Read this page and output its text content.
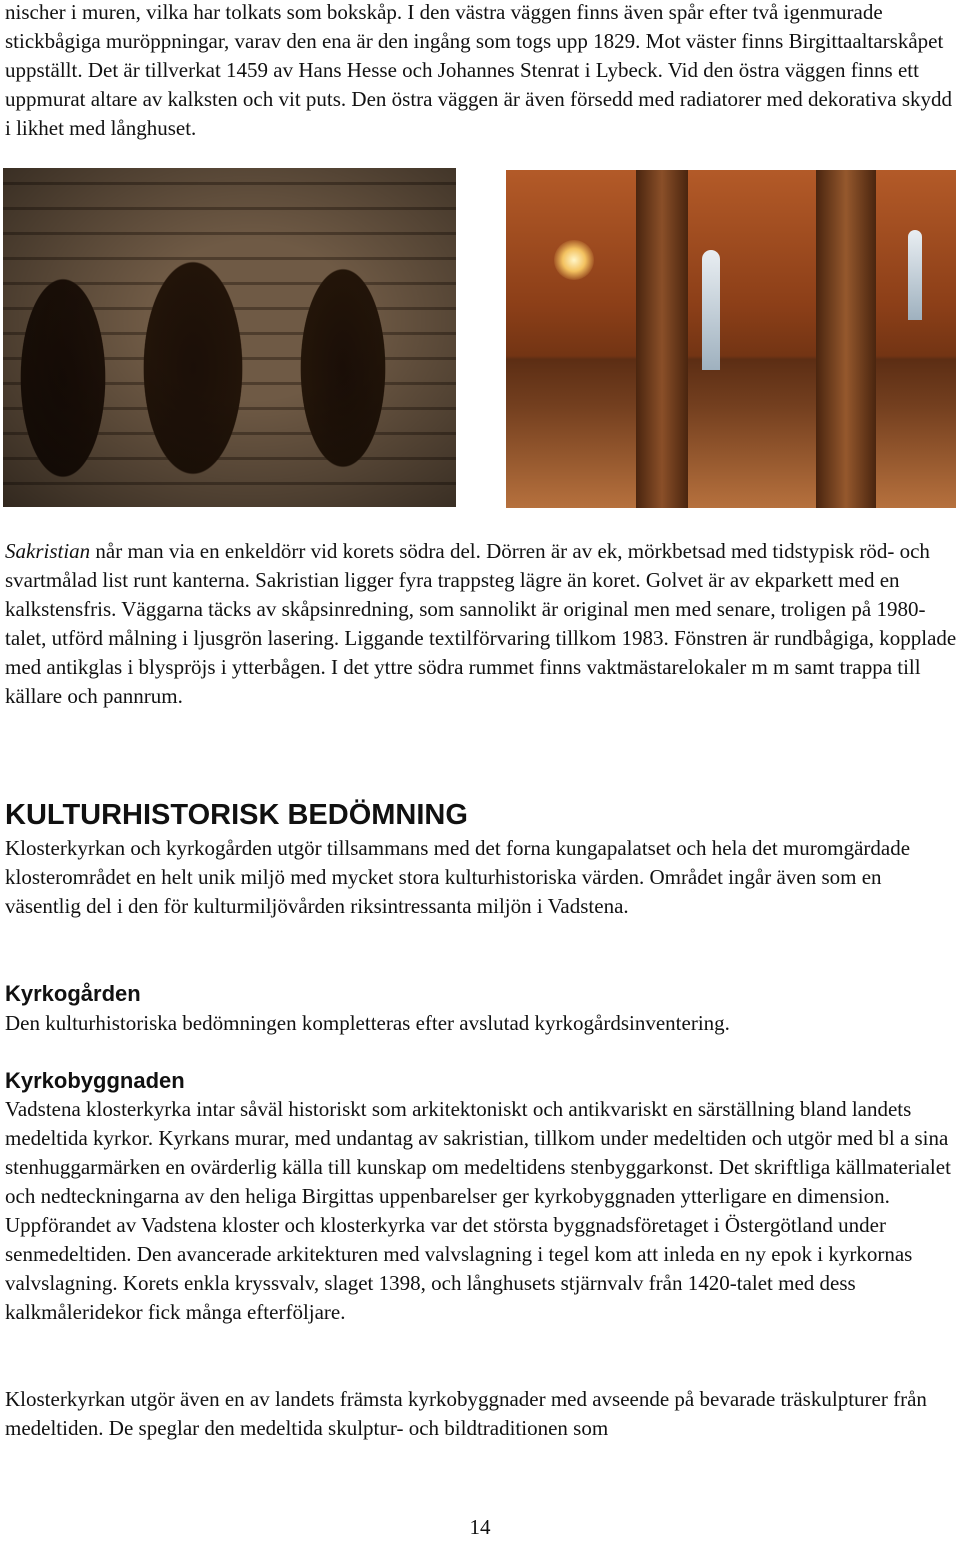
nischer i muren, vilka har tolkats som bokskåp. I den västra väggen finns även spår efter två igenmurade stickbågiga muröppningar, varav den ena är den ingång som togs upp 1829. Mot väster finns Birgittaaltarskåpet uppställt. Det är tillverkat 1459 av Hans Hesse och Johannes Stenrat i Lybeck. Vid den östra väggen finns ett uppmurat altare av kalksten och vit puts. Den östra väggen är även försedd med radiatorer med dekorativa skydd i likhet med långhuset.

Sakristian når man via en enkeldörr vid korets södra del. Dörren är av ek, mörkbetsad med tidstypisk röd- och svartmålad list runt kanterna. Sakristian ligger fyra trappsteg lägre än koret. Golvet är av ekparkett med en kalkstensfris. Väggarna täcks av skåpsinredning, som sannolikt är original men med senare, troligen på 1980-talet, utförd målning i ljusgrön lasering. Liggande textilförvaring tillkom 1983. Fönstren är rundbågiga, kopplade med antikglas i blyspröjs i ytterbågen. I det yttre södra rummet finns vaktmästarelokaler m m samt trappa till källare och pannrum.

KULTURHISTORISK BEDÖMNING

Klosterkyrkan och kyrkogården utgör tillsammans med det forna kungapalatset och hela det muromgärdade klosterområdet en helt unik miljö med mycket stora kulturhistoriska värden. Området ingår även som en väsentlig del i den för kulturmiljövården riksintressanta miljön i Vadstena.

Kyrkogården

Den kulturhistoriska bedömningen kompletteras efter avslutad kyrkogårdsinventering.

Kyrkobyggnaden

Vadstena klosterkyrka intar såväl historiskt som arkitektoniskt och antikvariskt en särställning bland landets medeltida kyrkor. Kyrkans murar, med undantag av sakristian, tillkom under medeltiden och utgör med bl a sina stenhuggarmärken en ovärderlig källa till kunskap om medeltidens stenbyggarkonst. Det skriftliga källmaterialet och nedteckningarna av den heliga Birgittas uppenbarelser ger kyrkobyggnaden ytterligare en dimension. Uppförandet av Vadstena kloster och klosterkyrka var det största byggnadsföretaget i Östergötland under senmedeltiden. Den avancerade arkitekturen med valvslagning i tegel kom att inleda en ny epok i kyrkornas valvslagning. Korets enkla kryssvalv, slaget 1398, och långhusets stjärnvalv från 1420-talet med dess kalkmåleridekor fick många efterföljare.

Klosterkyrkan utgör även en av landets främsta kyrkobyggnader med avseende på bevarade träskulpturer från medeltiden. De speglar den medeltida skulptur- och bildtraditionen som

14
